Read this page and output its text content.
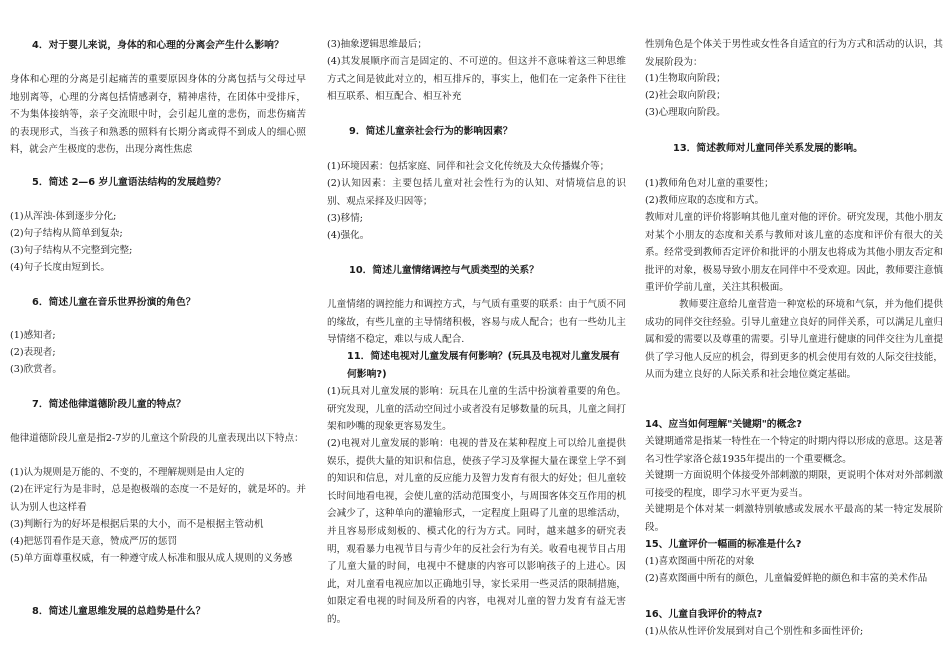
4．对于婴儿来说，身体的和心理的分离会产生什么影响？
身体和心理的分离是引起痛苦的重要原因身体的分离包括与父母过早地别离等，心理的分离包括情感剥夺，精神虐待，在团体中受排斥，不为集体接纳等，亲子交流眼中时，会引起儿童的悲伤，而悲伤痛苦的表现形式，当孩子和熟悉的照料有长期分离或得不到成人的细心照料，就会产生极度的悲伤，出现分离性焦虑
5．简述 2—6 岁儿童语法结构的发展趋势？
(1)从浑浊-体到逐步分化;
(2)句子结构从简单到复杂;
(3)句子结构从不完整到完整;
(4)句子长度由短到长。
6．简述儿童在音乐世界扮演的角色？
(1)感知者;
(2)表现者;
(3)欣赏者。
7．简述他律道德阶段儿童的特点？
他律道德阶段儿童是指2-7岁的儿童这个阶段的儿童表现出以下特点：
(1)认为规则是万能的、不变的，不理解规则是由人定的
(2)在评定行为是非时，总是抱极端的态度一不是好的，就是坏的。并认为别人也这样看
(3)判断行为的好坏是根据后果的大小，而不是根据主管动机
(4)把惩罚看作是天意，赞成严厉的惩罚
(5)单方面尊重权威，有一种遵守成人标准和服从成人规则的义务感
8．简述儿童思维发展的总趋势是什么？
(3)抽象逻辑思维最后；
(4)其发展顺序而言是固定的、不可逆的。但这并不意味着这三种思维方式之间是彼此对立的，相互排斥的，事实上，他们在一定条件下往往相互联系、相互配合、相互补充
9．简述儿童亲社会行为的影响因素？
(1)环境因素：包括家庭、同伴和社会文化传统及大众传播媒介等；
(2)认知因素：主要包括儿童对社会性行为的认知、对情境信息的识别、观点采择及归因等；
(3)移情;
(4)强化。
10．简述儿童情绪调控与气质类型的关系？
儿童情绪的调控能力和调控方式，与气质有重要的联系：由于气质不同的缘故，有些儿童的主导情绪积极，容易与成人配合；也有一些幼儿主导情绪不稳定，难以与成人配合.
11．简述电视对儿童发展有何影响？(玩具及电视对儿童发展有何影响?)
(1)玩具对儿童发展的影响：玩具在儿童的生活中扮演着重要的角色。研究发现，儿童的活动空间过小或者没有足够数量的玩具，儿童之间打架和吵嘴的现象更容易发生。
(2)电视对儿童发展的影响：电视的普及在某种程度上可以给儿童提供娱乐，提供大量的知识和信息，使孩子学习及掌握大量在课堂上学不到的知识和信息，对儿童的反应能力及智力发育有很大的好处；但儿童较长时间地看电视，会使儿童的活动范围变小，与周围客体交互作用的机会减少了，这种单向的灌输形式，一定程度上阻碍了儿童的思维活动，并且容易形成刻板的、模式化的行为方式。同时，越来越多的研究表明，观看暴力电视节目与青少年的反社会行为有关。收看电视节目占用了儿童大量的时间，电视中不健康的内容可以影响孩子的上进心。因此，对儿童看电视应加以正确地引导，家长采用一些灵活的限制措施，如限定看电视的时间及所看的内容，电视对儿童的智力发育有益无害的。
性别角色是个体关于男性或女性各自适宜的行为方式和活动的认识，其发展阶段为：
(1)生物取向阶段；
(2)社会取向阶段；
(3)心理取向阶段。
13．简述教师对儿童同伴关系发展的影响。
(1)教师角色对儿童的重要性；
(2)教师应取的态度和方式。
教师对儿童的评价将影响其他儿童对他的评价。研究发现，其他小朋友对某个小朋友的态度和关系与教师对该儿童的态度和评价有很大的关系。经常受到教师否定评价和批评的小朋友也将成为其他小朋友否定和批评的对象，极易导致小朋友在同伴中不受欢迎。因此，教师要注意慎重评价学前儿童，关注其积极面。
教师要注意给儿童营造一种宽松的环境和气氛，并为他们提供成功的同伴交往经验。引导儿童建立良好的同伴关系，可以满足儿童归属和爱的需要以及尊重的需要。引导儿童进行健康的同伴交往为儿童提供了学习他人反应的机会，得到更多的机会使用有效的人际交往技能，从而为建立良好的人际关系和社会地位奠定基础。
14、应当如何理解"关键期"的概念?
关键期通常是指某一特性在一个特定的时期内得以形成的意思。这是著名习性学家洛仑兹1935年提出的一个重要概念。
关键期一方面说明个体接受外部刺激的期限，更说明个体对对外部刺激可接受的程度，即学习水平更为妥当。
关键期是个体对某一刺激特别敏感或发展水平最高的某一特定发展阶段。
15、儿童评价一幅画的标准是什么?
(1)喜欢图画中所花的对象
(2)喜欢图画中所有的颜色，儿童偏爱鲜艳的颜色和丰富的美术作品
16、儿童自我评价的特点?
(1)从依从性评价发展到对自己个别性和多面性评价;
